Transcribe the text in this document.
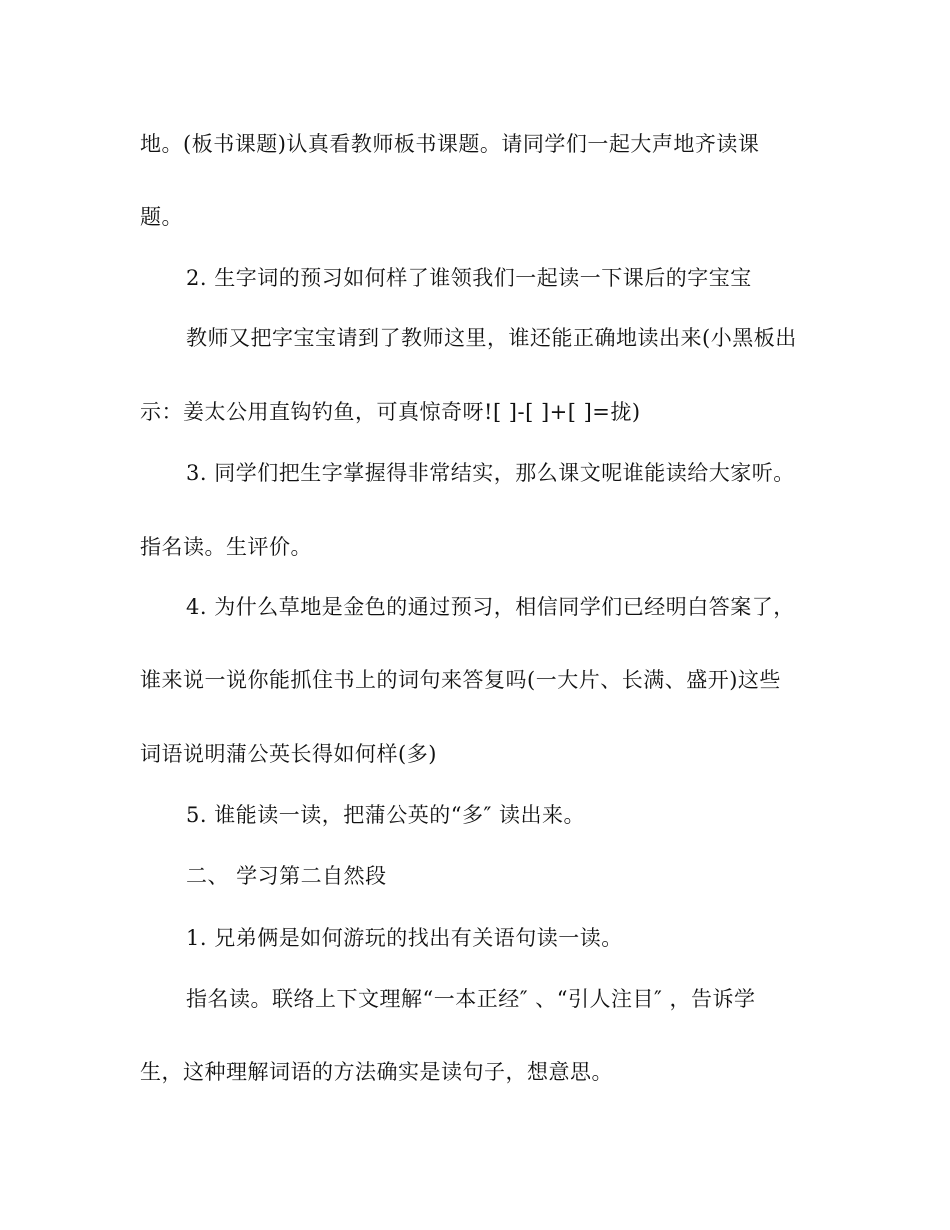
地。(板书课题)认真看教师板书课题。请同学们一起大声地齐读课
题。
2. 生字词的预习如何样了谁领我们一起读一下课后的字宝宝
教师又把字宝宝请到了教师这里，谁还能正确地读出来(小黑板出
示：姜太公用直钩钓鱼，可真惊奇呀![ ]-[ ]+[ ]=拢)
3. 同学们把生字掌握得非常结实，那么课文呢谁能读给大家听。
指名读。生评价。
4. 为什么草地是金色的通过预习，相信同学们已经明白答案了，
谁来说一说你能抓住书上的词句来答复吗(一大片、长满、盛开)这些
词语说明蒲公英长得如何样(多)
5. 谁能读一读，把蒲公英的“多″ 读出来。
二、 学习第二自然段
1. 兄弟俩是如何游玩的找出有关语句读一读。
指名读。联络上下文理解“一本正经″ 、“引人注目″ ，告诉学
生，这种理解词语的方法确实是读句子，想意思。
